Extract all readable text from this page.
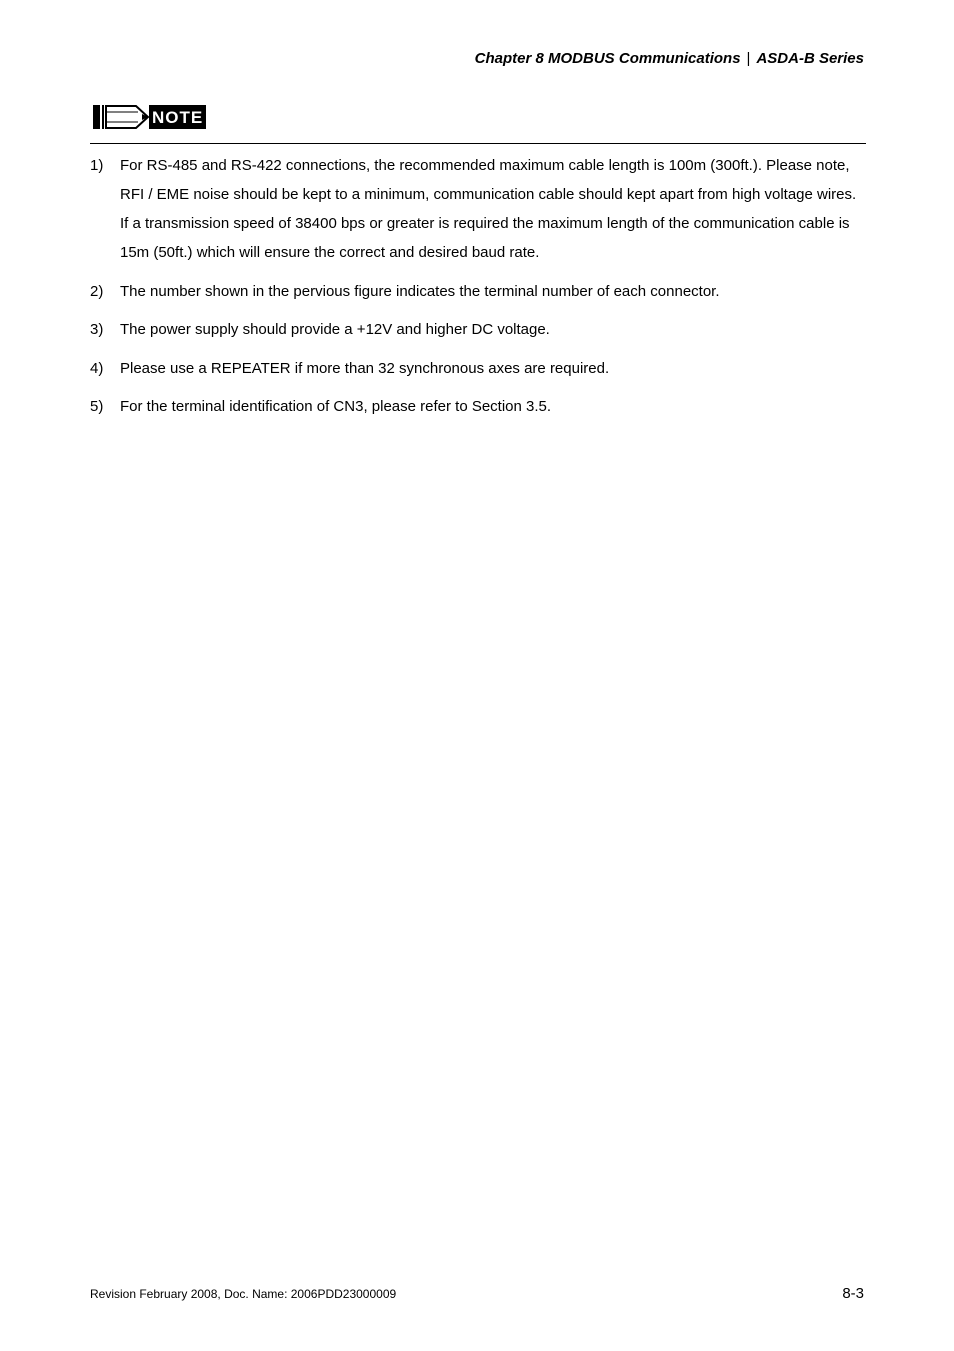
Chapter 8 MODBUS Communications | ASDA-B Series
NOTE
1) For RS-485 and RS-422 connections, the recommended maximum cable length is 100m (300ft.). Please note, RFI / EME noise should be kept to a minimum, communication cable should kept apart from high voltage wires. If a transmission speed of 38400 bps or greater is required the maximum length of the communication cable is 15m (50ft.) which will ensure the correct and desired baud rate.
2) The number shown in the pervious figure indicates the terminal number of each connector.
3) The power supply should provide a +12V and higher DC voltage.
4) Please use a REPEATER if more than 32 synchronous axes are required.
5) For the terminal identification of CN3, please refer to Section 3.5.
Revision February 2008, Doc. Name: 2006PDD23000009	8-3
